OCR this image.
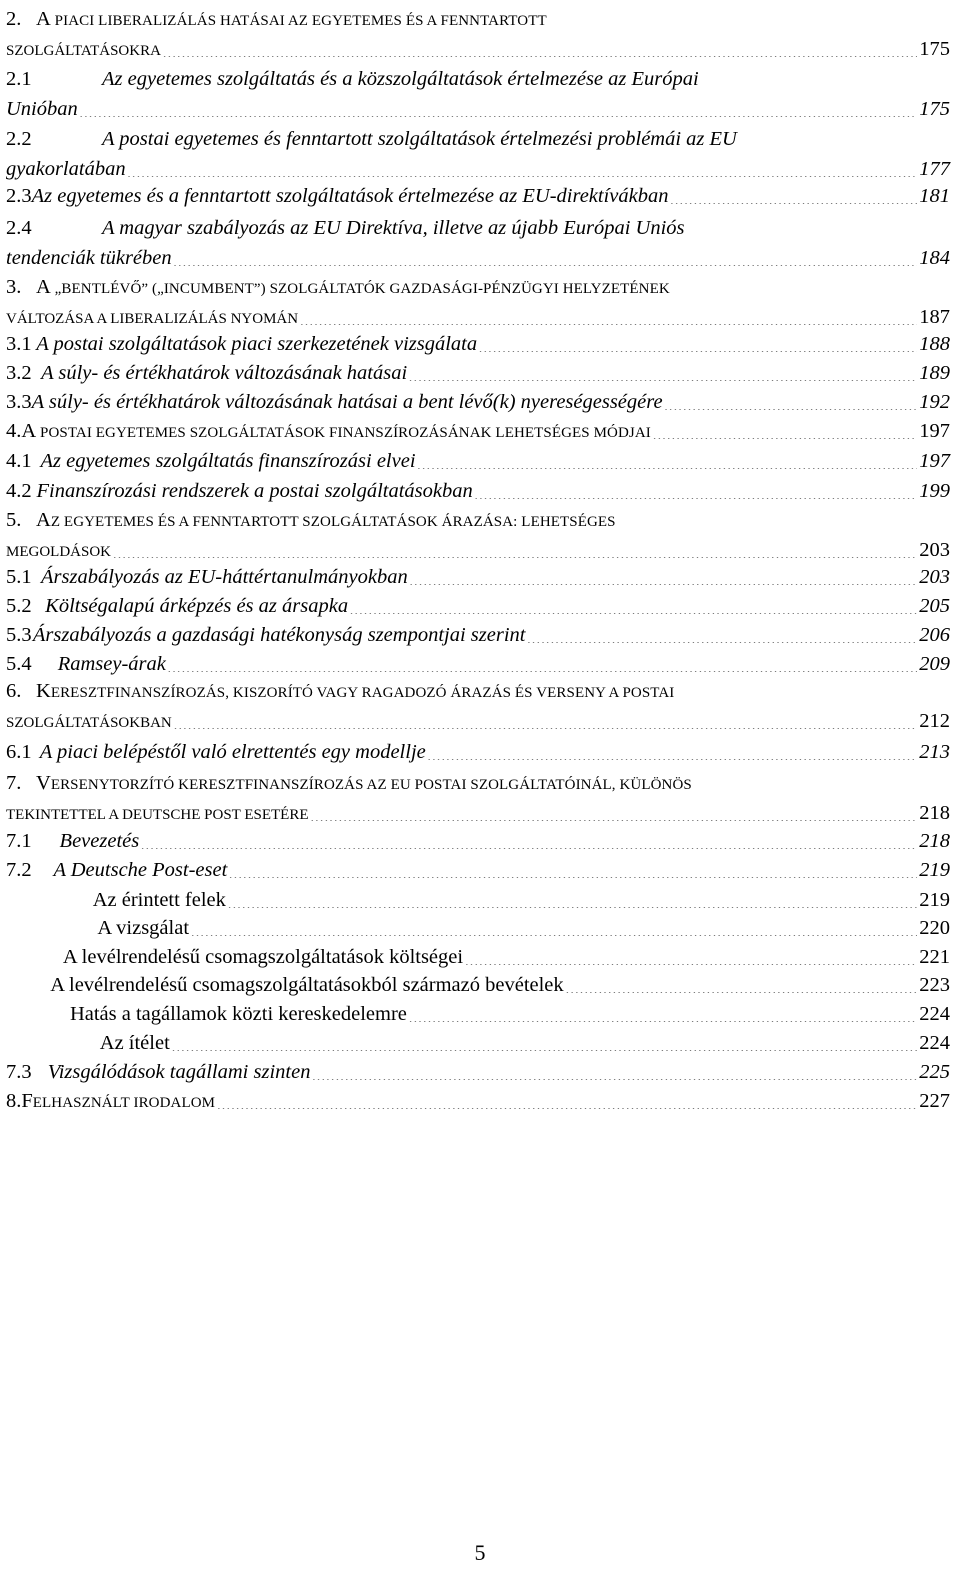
2. A PIACI LIBERALIZÁLÁS HATÁSAI AZ EGYETEMES ÉS A FENNTARTOTT
SZOLGÁLTATÁSOKRA .....	175
2.1	Az egyetemes szolgáltatás és a közszolgáltatások értelmezése az Európai
Unióban .....	175
2.2	A postai egyetemes és fenntartott szolgáltatások értelmezési problémái az EU
gyakorlatában .....	177
2.3 Az egyetemes és a fenntartott szolgáltatások értelmezése az EU-direktívákban .....	181
2.4	A magyar szabályozás az EU Direktíva, illetve az újabb Európai Uniós
tendenciák tükrében .....	184
3. A „BENTLÉVŐ” („INCUMBENT”) SZOLGÁLTATÓK GAZDASÁGI-PÉNZÜGYI HELYZETÉNEK
VÁLTOZÁSA A LIBERALIZÁLÁS NYOMÁN .....	187
3.1 A postai szolgáltatások piaci szerkezetének vizsgálata .....	188
3.2 A súly- és értékhatárok változásának hatásai .....	189
3.3 A súly- és értékhatárok változásának hatásai a bent lévő(k) nyereségességére .....	192
4. A POSTAI EGYETEMES SZOLGÁLTATÁSOK FINANSZÍROZÁSÁNAK LEHETSÉGES MÓDJAI .....	197
4.1 Az egyetemes szolgáltatás finanszírozási elvei .....	197
4.2 Finanszírozási rendszerek a postai szolgáltatásokban .....	199
5. AZ EGYETEMES ÉS A FENNTARTOTT SZOLGÁLTATÁSOK ÁRAZÁSA: LEHETSÉGES
MEGOLDÁSOK .....	203
5.1 Árszabályozás az EU-háttértanulmányokban .....	203
5.2 Költségalapú árképzés és az ársapka .....	205
5.3 Árszabályozás a gazdasági hatékonyság szempontjai szerint .....	206
5.4	Ramsey-árak .....	209
6. KERESZTFINANSZÍROZÁS, KISZORÍTÓ VAGY RAGADOZÓ ÁRAZÁS ÉS VERSENY A POSTAI
SZOLGÁLTATÁSOKBAN .....	212
6.1 A piaci belépéstől való elrettentés egy modellje .....	213
7. VERSENYTORZÍTÓ KERESZTFINANSZÍROZÁS AZ EU POSTAI SZOLGÁLTATÓINÁL, KÜLÖNÖS
TEKINTETTEL A DEUTSCHE POST ESETÉRE .....	218
7.1	Bevezetés .....	218
7.2	A Deutsche Post-eset .....	219
Az érintett felek .....	219
A vizsgálat .....	220
A levélrendelésű csomagszolgáltatások költségei .....	221
A levélrendelésű csomagszolgáltatásokból származó bevételek .....	223
Hatás a tagállamok közti kereskedelemre .....	224
Az ítélet .....	224
7.3 Vizsgálódások tagállami szinten .....	225
8. FELHASZNÁLT IRODALOM .....	227
5
